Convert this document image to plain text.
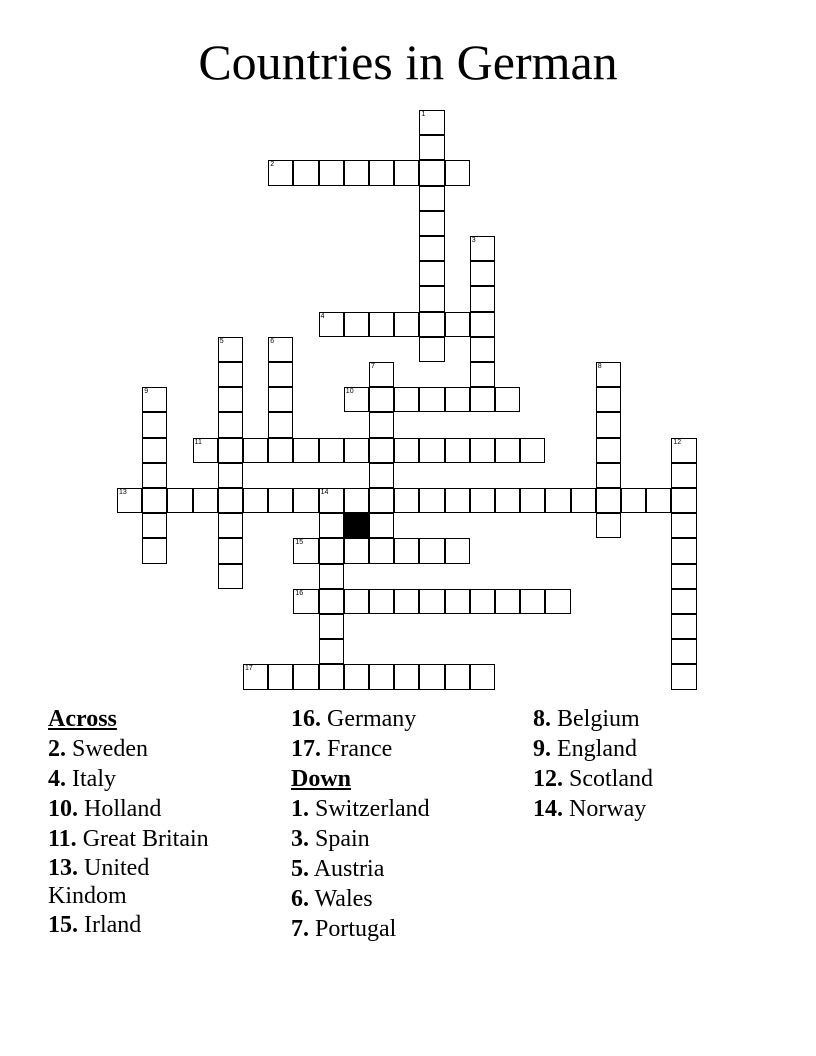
Countries in German
1
2
3
4
5	6
7	8
9	10
11	12
13	14
15
16
17
Across
2. Sweden
4. Italy
10. Holland
11. Great Britain
13. United Kindom
15. Irland
16. Germany
17. France
Down
1. Switzerland
3. Spain
5. Austria
6. Wales
7. Portugal
8. Belgium
9. England
12. Scotland
14. Norway
